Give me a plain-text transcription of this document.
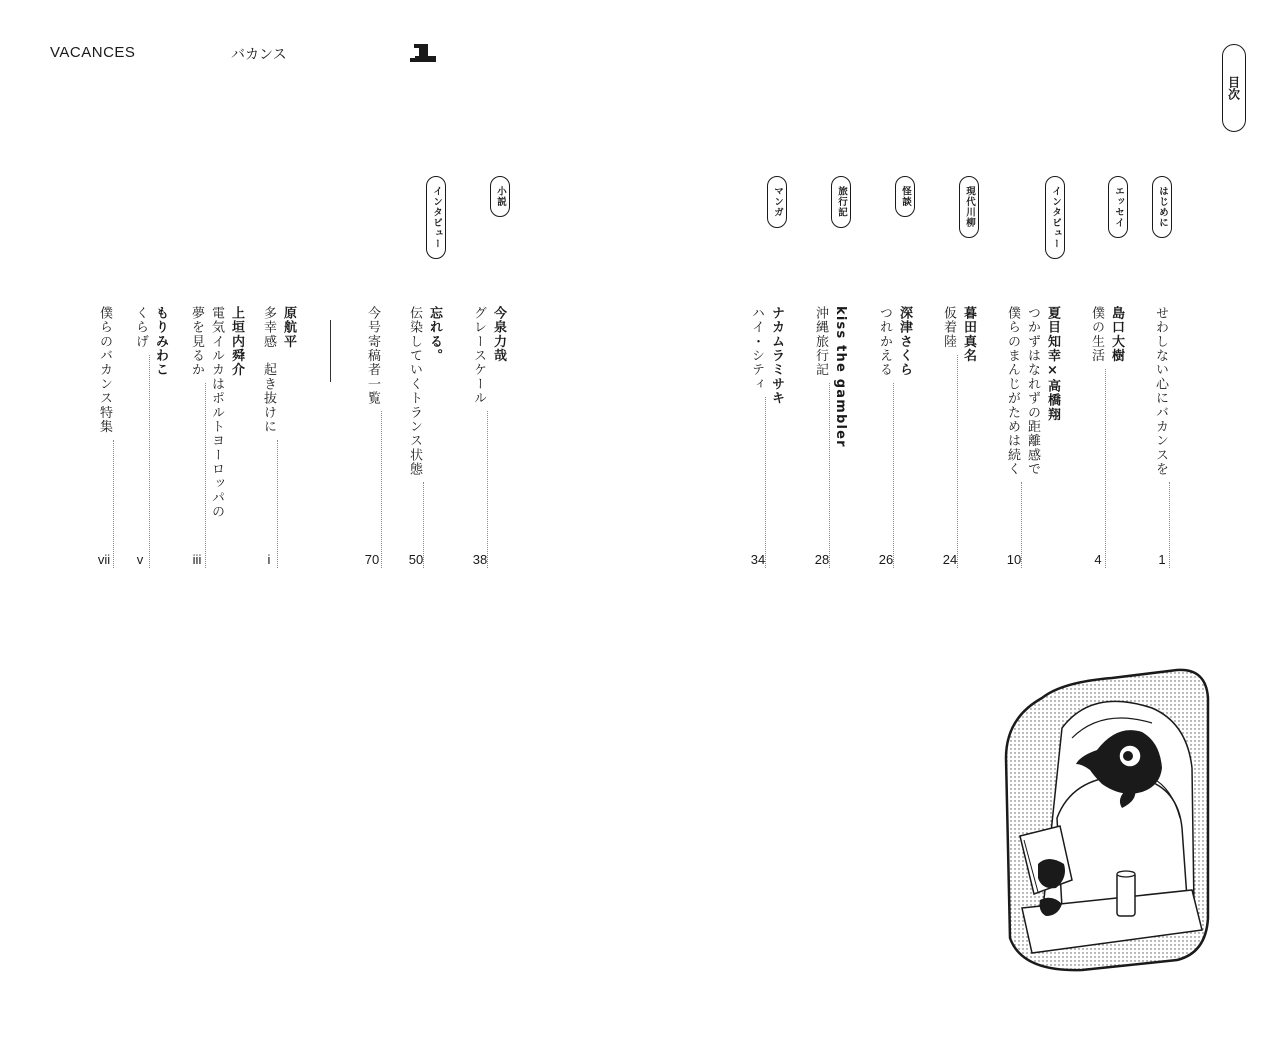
VACANCES	バカンス
目次
はじめに
エッセイ
インタビュー
現代川柳
怪談
旅行記
マンガ
インタビュー	小説
せわしない心にバカンスを
島口大樹
僕の生活
夏目知幸×高橋翔
つかずはなれずの距離感で
僕らのまんじがためは続く
暮田真名
仮着陸
深津さくら
つれかえる
kiss the gambler
沖縄旅行記
ナカムラミサキ
ハイ・シティ
今泉力哉
グレースケール
忘れる。
伝染していくトランス状態
今号寄稿者一覧
原航平
多幸感　起き抜けに
上垣内舜介
電気イルカはポルトヨーロッパの
夢を見るか
もりみわこ
くらげ
僕らのバカンス特集
1
4
10
24
26
28
34
38
50
70
i
iii
v
vii
